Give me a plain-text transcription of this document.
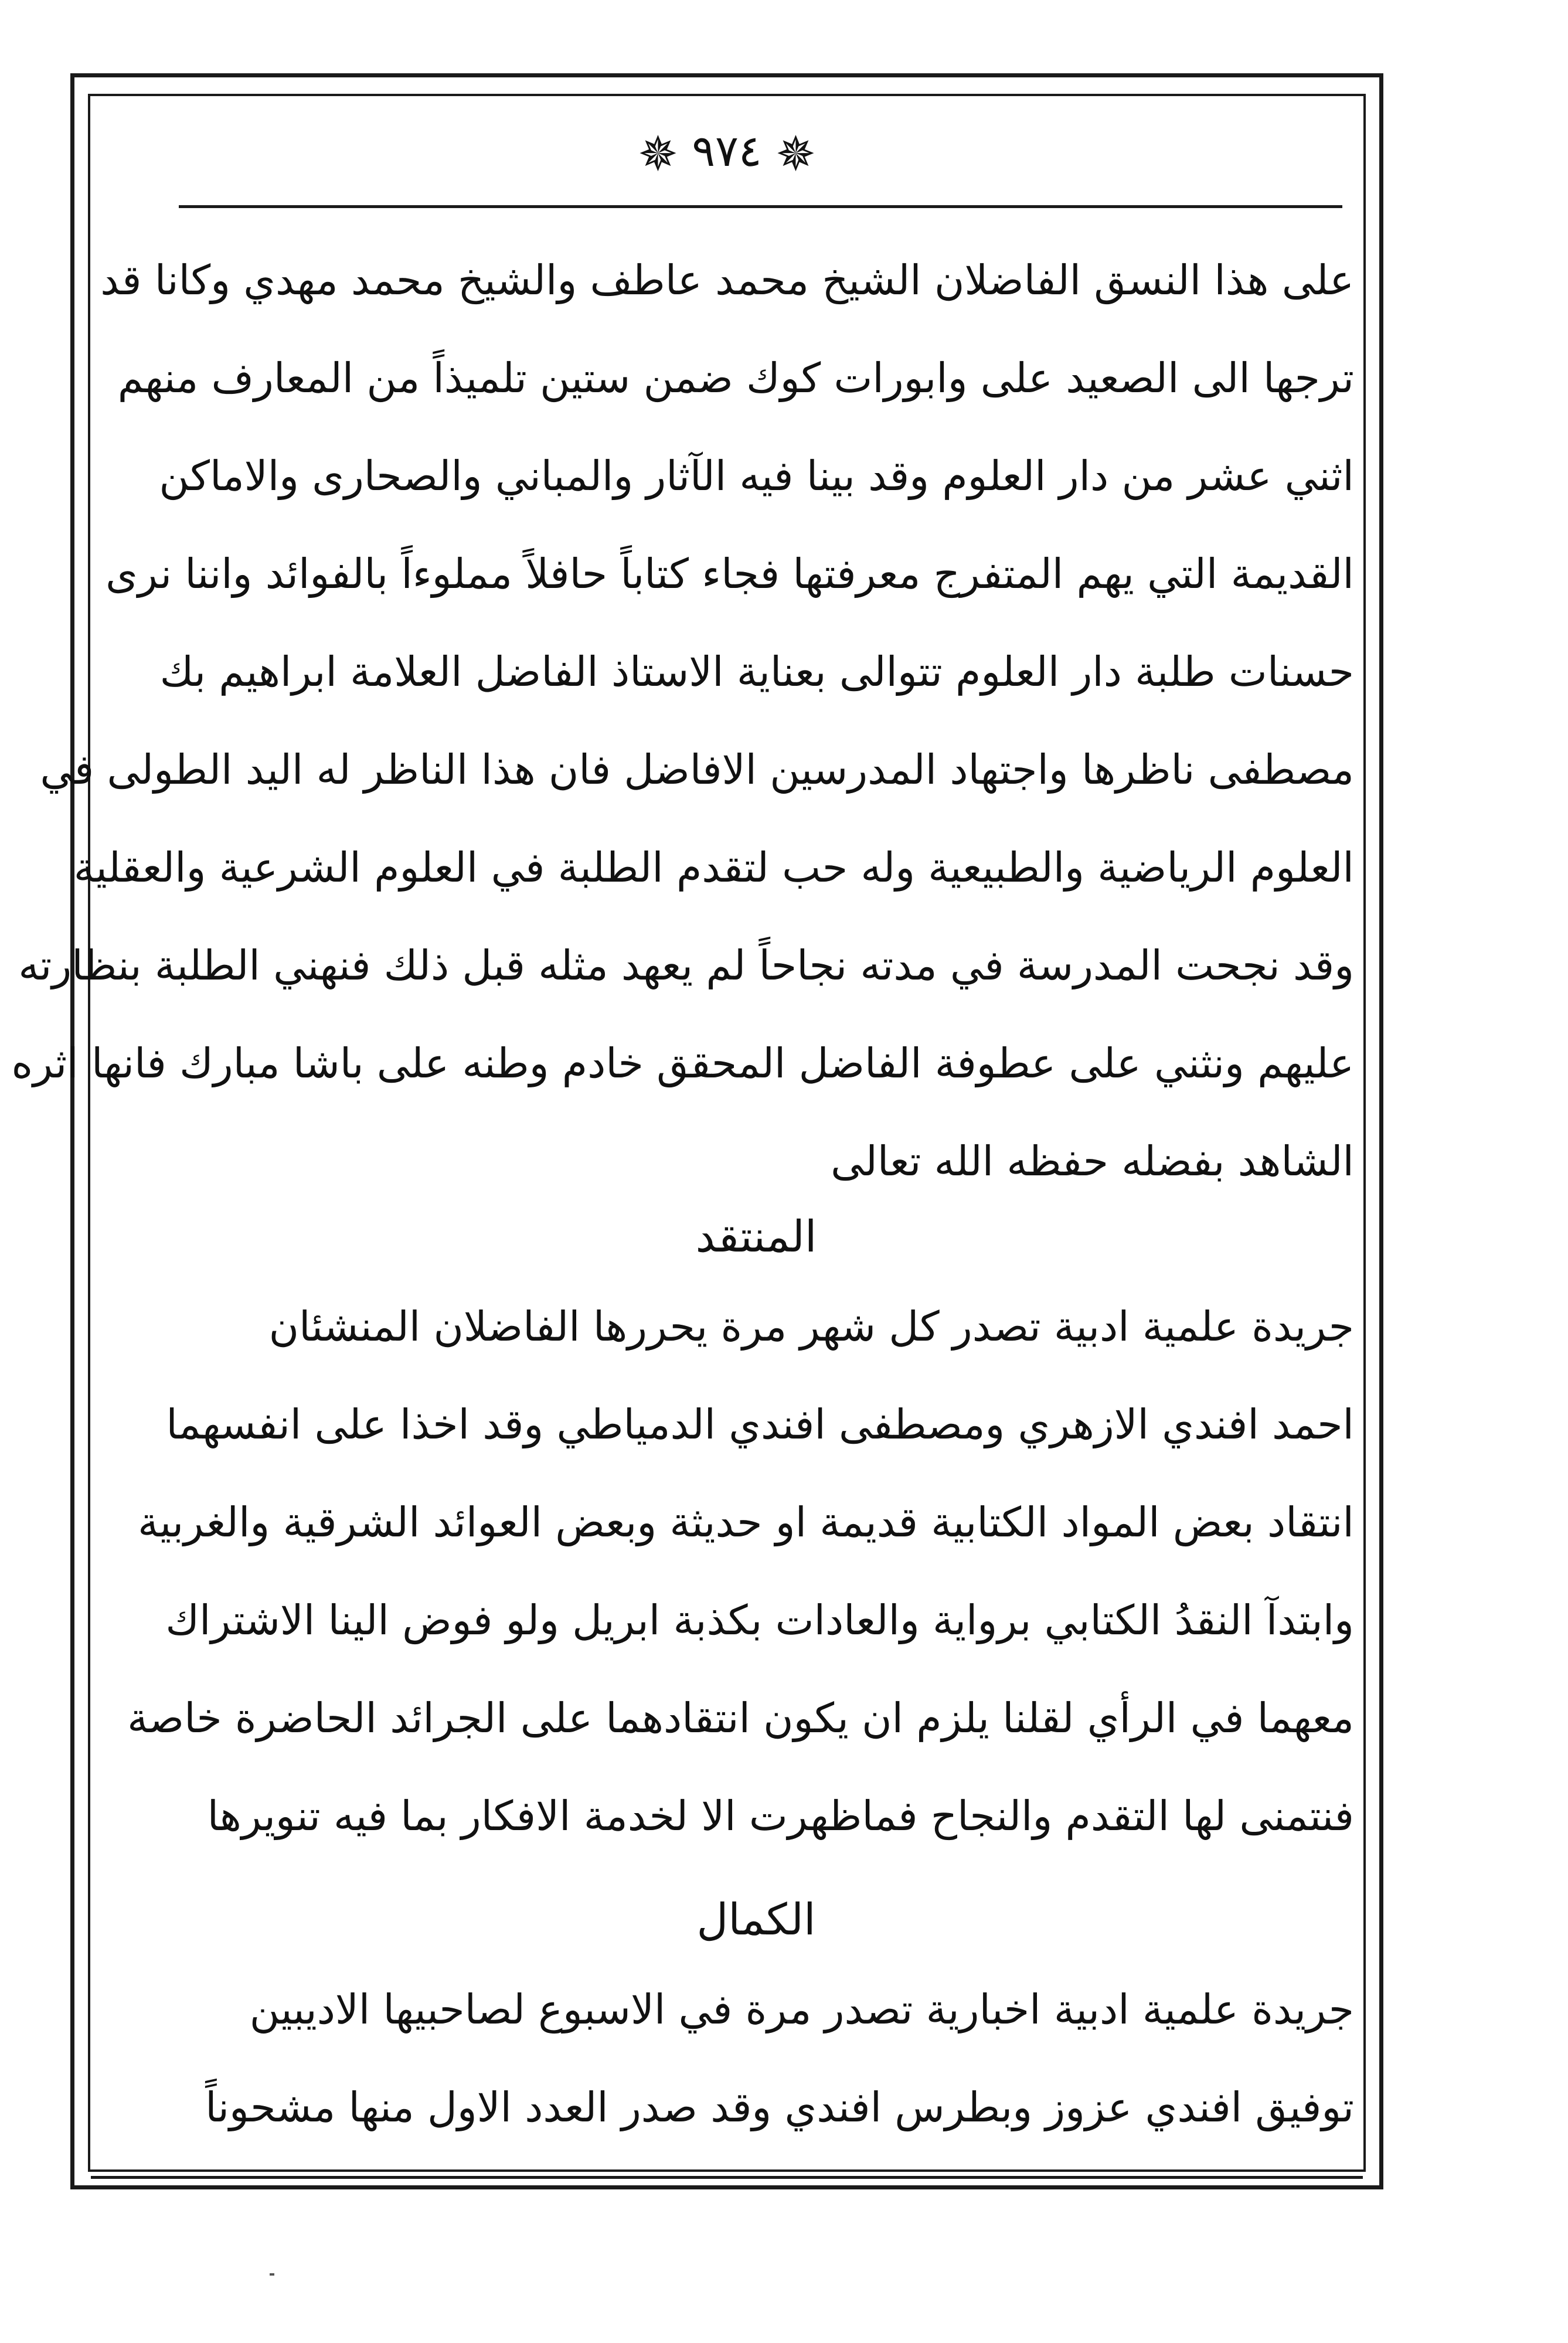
✵ ٩٧٤ ✵
على هذا النسق الفاضلان الشيخ محمد عاطف والشيخ محمد مهدي وكانا قد
ترجها الى الصعيد على وابورات كوك ضمن ستين تلميذاً من المعارف منهم
اثني عشر من دار العلوم وقد بينا فيه الآثار والمباني والصحارى والاماكن
القديمة التي يهم المتفرج معرفتها فجاء كتاباً حافلاً مملوءاً بالفوائد واننا نرى
حسنات طلبة دار العلوم تتوالى بعناية الاستاذ الفاضل العلامة ابراهيم بك
مصطفى ناظرها واجتهاد المدرسين الافاضل فان هذا الناظر له اليد الطولى في
العلوم الرياضية والطبيعية وله حب لتقدم الطلبة في العلوم الشرعية والعقلية
وقد نجحت المدرسة في مدته نجاحاً لم يعهد مثله قبل ذلك فنهني الطلبة بنظارته
عليهم ونثني على عطوفة الفاضل المحقق خادم وطنه على باشا مبارك فانها اثره
الشاهد بفضله حفظه الله تعالى
المنتقد
جريدة علمية ادبية تصدر كل شهر مرة يحررها الفاضلان المنشئان
احمد افندي الازهري ومصطفى افندي الدمياطي وقد اخذا على انفسهما
انتقاد بعض المواد الكتابية قديمة او حديثة وبعض العوائد الشرقية والغربية
وابتدآ النقدُ الكتابي برواية والعادات بكذبة ابريل ولو فوض الينا الاشتراك
معهما في الرأي لقلنا يلزم ان يكون انتقادهما على الجرائد الحاضرة خاصة
فنتمنى لها التقدم والنجاح فماظهرت الا لخدمة الافكار بما فيه تنويرها
الكمال
جريدة علمية ادبية اخبارية تصدر مرة في الاسبوع لصاحبيها الاديبين
توفيق افندي عزوز وبطرس افندي وقد صدر العدد الاول منها مشحوناً
